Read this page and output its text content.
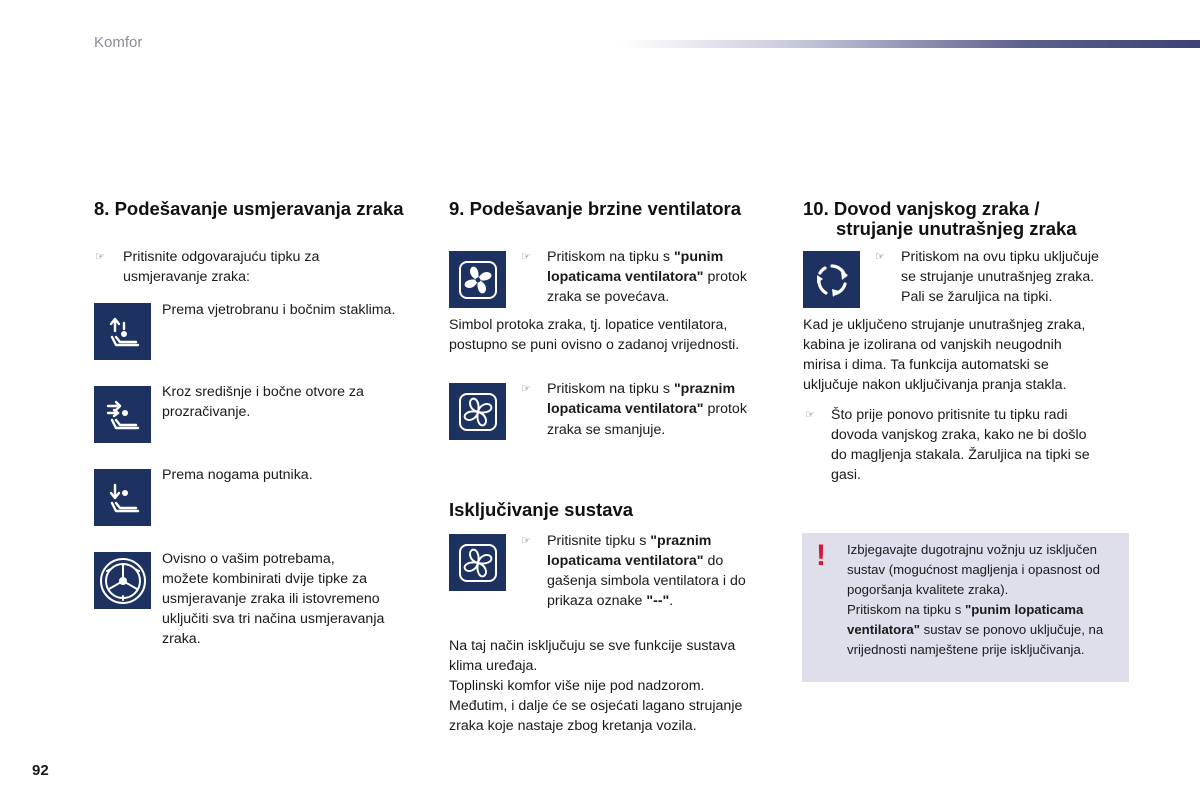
Komfor
92
8. Podešavanje usmjeravanja zraka
☞ Pritisnite odgovarajuću tipku za

usmjeravanje zraka:

Prema vjetrobranu i bočnim staklima.

Kroz središnje i bočne otvore za

prozračivanje.

Prema nogama putnika.

Ovisno o vašim potrebama,

možete kombinirati dvije tipke za

usmjeravanje zraka ili istovremeno

uključiti sva tri načina usmjeravanja

zraka.

9. Podešavanje brzine ventilatora
☞ Pritiskom na tipku s "punim

lopaticama ventilatora" protok

zraka se povećava.

Simbol protoka zraka, tj. lopatice ventilatora,

postupno se puni ovisno o zadanoj vrijednosti.

☞ Pritiskom na tipku s "praznim

lopaticama ventilatora" protok

zraka se smanjuje.

Isključivanje sustava
☞ Pritisnite tipku s "praznim

lopaticama ventilatora" do

gašenja simbola ventilatora i do

prikaza oznake "--".

Na taj način isključuju se sve funkcije sustava

klima uređaja.

Toplinski komfor više nije pod nadzorom.

Međutim, i dalje će se osjećati lagano strujanje

zraka koje nastaje zbog kretanja vozila.

10. Dovod vanjskog zraka /
strujanje unutrašnjeg zraka
☞ Pritiskom na ovu tipku uključuje

se strujanje unutrašnjeg zraka.

Pali se žaruljica na tipki.

Kad je uključeno strujanje unutrašnjeg zraka,

kabina je izolirana od vanjskih neugodnih

mirisa i dima. Ta funkcija automatski se

uključuje nakon uključivanja pranja stakla.

☞ Što prije ponovo pritisnite tu tipku radi

dovoda vanjskog zraka, kako ne bi došlo

do magljenja stakala. Žaruljica na tipki se

gasi.

! Izbjegavajte dugotrajnu vožnju uz isključen
sustav (mogućnost magljenja i opasnost od
pogoršanja kvalitete zraka).
Pritiskom na tipku s "punim lopaticama
ventilatora" sustav se ponovo uključuje, na
vrijednosti namještene prije isključivanja.
